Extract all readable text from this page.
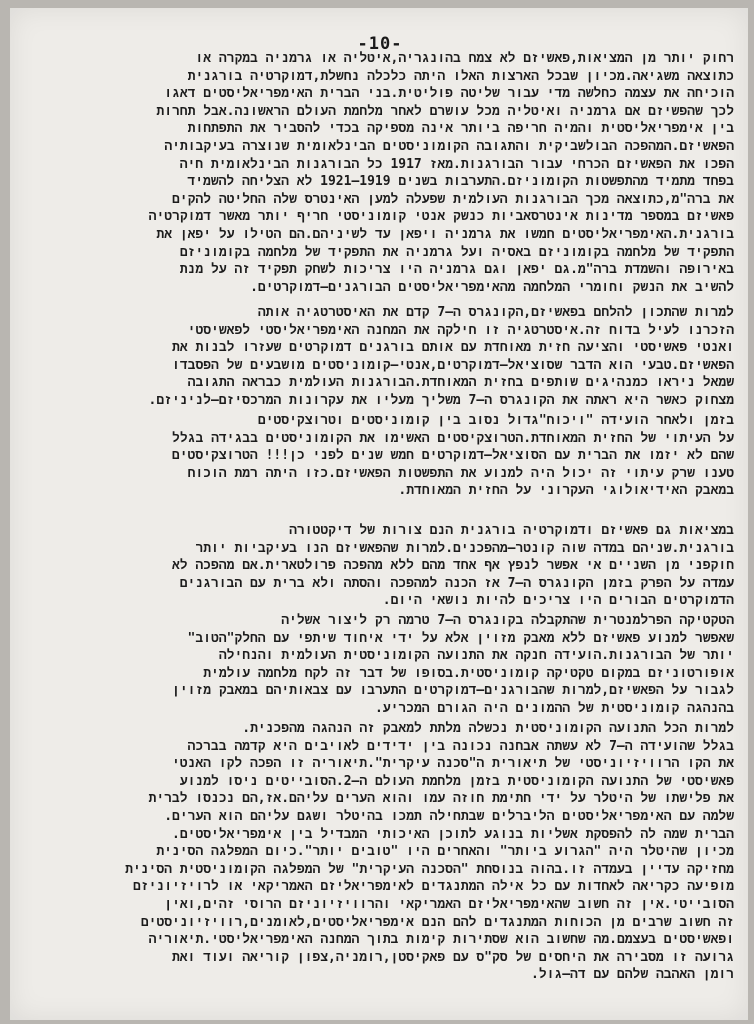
-10-
רחוק יותר מן המציאות,פאשיזם לא צמח בהונגריה,איטליה או גרמניה במקרה או
כתוצאה משגיאה.מכיון שבכל הארצות האלו היתה כלכלה נחשלת,דמוקרטיה בורגנית
הוכיחה את עצמה כחלשה מדי עבור שליטה פוליטית.בני הברית האימפריאליסטים דאגו
לכך שהפשיזם אם גרמניה ואיטליה מכל עושרם לאחר מלחמת העולם הראשונה.אבל תחרות
בין אימפריאליסטית והמיה חריפה ביותר אינה מספיקה בכדי להסביר את התפתחות
הפאשיזם.המהפכה הבולשביקית והתגובה הקומוניסטים הבינלאומית שנוצרה בעיקבותיה
הפכו את הפאשיזם הכרחי עבור הבורגנות.מאז 1917 כל הבורגנות הבינלאומית חיה
בפחד מתמיד מהתפשטות הקומוניזם.התערבות בשנים 1919—1921 לא הצליחה להשמיד
את ברה"מ,כתוצאה מכך הבורגנות העולמית שפעלה למען האינטרס שלה החליטה להקים
פאשיזם במספר מדינות אינטרסאביות כנשק אנטי קומוניסטי חריף יותר מאשר דמוקרטיה
בורגנית.האימפריאליסטים חמשו את גרמניה ויפאן עד לשיניהם.הם הטילו על יפאן את
התפקיד של מלחמה בקומוניזם באסיה ועל גרמניה את התפקיד של מלחמה בקומוניזם
באירופה והשמדת ברה"מ.גם יפאן וגם גרמניה היו צריכות לשחק תפקיד זה על מנת
להשיב את הנשק וחומרי המלחמה מהאימפריאליסטים הבורגנים—דמוקרטים.
למרות שהתכון להלחם בפאשיזם,הקונגרס ה—7 קדם את האיסטרטגיה אותה
הזכרנו לעיל בדוח זה.איסטרטגיה זו חילקה את המחנה האימפריאליסטי לפאשיסטי
ואנטי פאשיסטי והציעה חזית מאוחדת עם אותם בורגנים דמוקרטים שעזרו לבנות את
הפאשיזם.טבעי הוא הדבר שסוציאל—דמוקרטים,אנטי—קומוניסטים מושבעים של הפסבדו
שמאל ניראו כמנהיגים שותפים בחזית המאוחדת.הבורגנות העולמית כבראה התגובה
מצחוק כאשר היא ראתה את הקונגרס ה—7 משליך מעליו את עקרונות המרכסיזם—לניניזם.
בזמן ולאחר הועידה "ויכוח"גדול נסוב בין קומוניסטים וטרוצקיסטים
על העיתוי של החזית המאוחדת.הטרוצקיסטים האשימו את הקומוניסטים בבגידה בגלל
שהם לא יזמו את הברית עם הסוציאל—דמוקרטים חמש שנים לפני כן!!! הטרוצקיסטים
טענו שרק עיתוי זה יכול היה למנוע את התפשטות הפאשיזם.כזו היתה רמת הוכוח
במאבק האידיאולוגי העקרוני על החזית המאוחדת.
במציאות גם פאשיזם ודמוקרטיה בורגנית הנם צורות של דיקטטורה
בורגנית.שניהם במדה שוה קונטר—מהפכנים.למרות שהפאשיזם הנו בעיקביות יותר
חוקפני מן השניים אי אפשר לנפץ אף אחד מהם ללא מהפכה פרולטארית.אם מהפכה לא
עמדה על הפרק בזמן הקונגרס ה—7 אז הכנה למהפכה והסתה ולא ברית עם הבורגנים
הדמוקרטים הבורים היו צריכים להיות נושאי היום.
הטקטיקה הפרלמנטרית שהתקבלה בקונגרס ה—7 טרמה רק ליצור אשליה
שאפשר למנוע פאשיזם ללא מאבק מזוין אלא על ידי איחוד שיתפי עם החלק"הטוב"
יותר של הבורגנות.הועידה חנקה את התנועה הקומוניסטית העולמית והנחילה
אופורטוניזם במקום טקטיקה קומוניסטית.בסופו של דבר זה לקח מלחמה עולמית
לגבור על הפאשיזם,למרות שהבורגנים—דמוקרטים התערבו עם צבאותיהם במאבק מזוין
בהנהגה קומוניסטית של ההמונים היה הגורם המכריע.
למרות הכל התנועה הקומוניסטית נכשלה מלתת למאבק זה הנהגה מהפכנית.
בגלל שהועידה ה—7 לא עשתה אבחנה נכונה בין ידידים לאויבים היא קדמה בברכה
את הקו הרוויזיוניסטי של תיאורית ה"סכנה עיקרית".תיאוריה זו הפכה לקו האנטי
פאשיסטי של התנועה הקומוניסטית בזמן מלחמת העולם ה—2.הסובייטים ניסו למנוע
את פלישתו של היטלר על ידי חתימת חוזה עמו והוא הערים עליהם.אז,הם נכנסו לברית
שלמה עם האימפריאליסטים הליברלים שבתחילה תמכו בהיטלר ושגם עליהם הוא הערים.
הברית שמה לה להפסקת אשליות בנוגע לתוכן האיכותי המבדיל בין אימפריאליסטים.
מכיון שהיטלר היה "הגרוע ביותר" והאחרים היו "טובים יותר".כיום המפלגה הסינית
מחזיקה עדיין בעמדה זו.בהוה בנוסחת "הסכנה העיקרית" של המפלגה הקומוניסטית הסינית
מופיעה כקריאה לאחדות עם כל אילה המתנגדים לאימפריאליזם האמריקאי או לרויזיוניזם
הסובייטי.אין זה חשוב שהאימפריאליזם האמריקאי והרוויזיוניזם הרוסי זהים,ואין
זה חשוב שרבים מן הכוחות המתנגדים להם הנם אימפריאליסטים,לאומנים,רוויזיוניסטים
ופאשיסטים בעצמם.מה שחשוב הוא שסתירות קימות בתוך המחנה האימפריאליסטי.תיאוריה
גרועה זו מסבירה את היחסים של סק"ס עם פאקיסטן,רומניה,צפון קוריאה ועוד ואת
רומן האהבה שלהם עם דה—גול.
